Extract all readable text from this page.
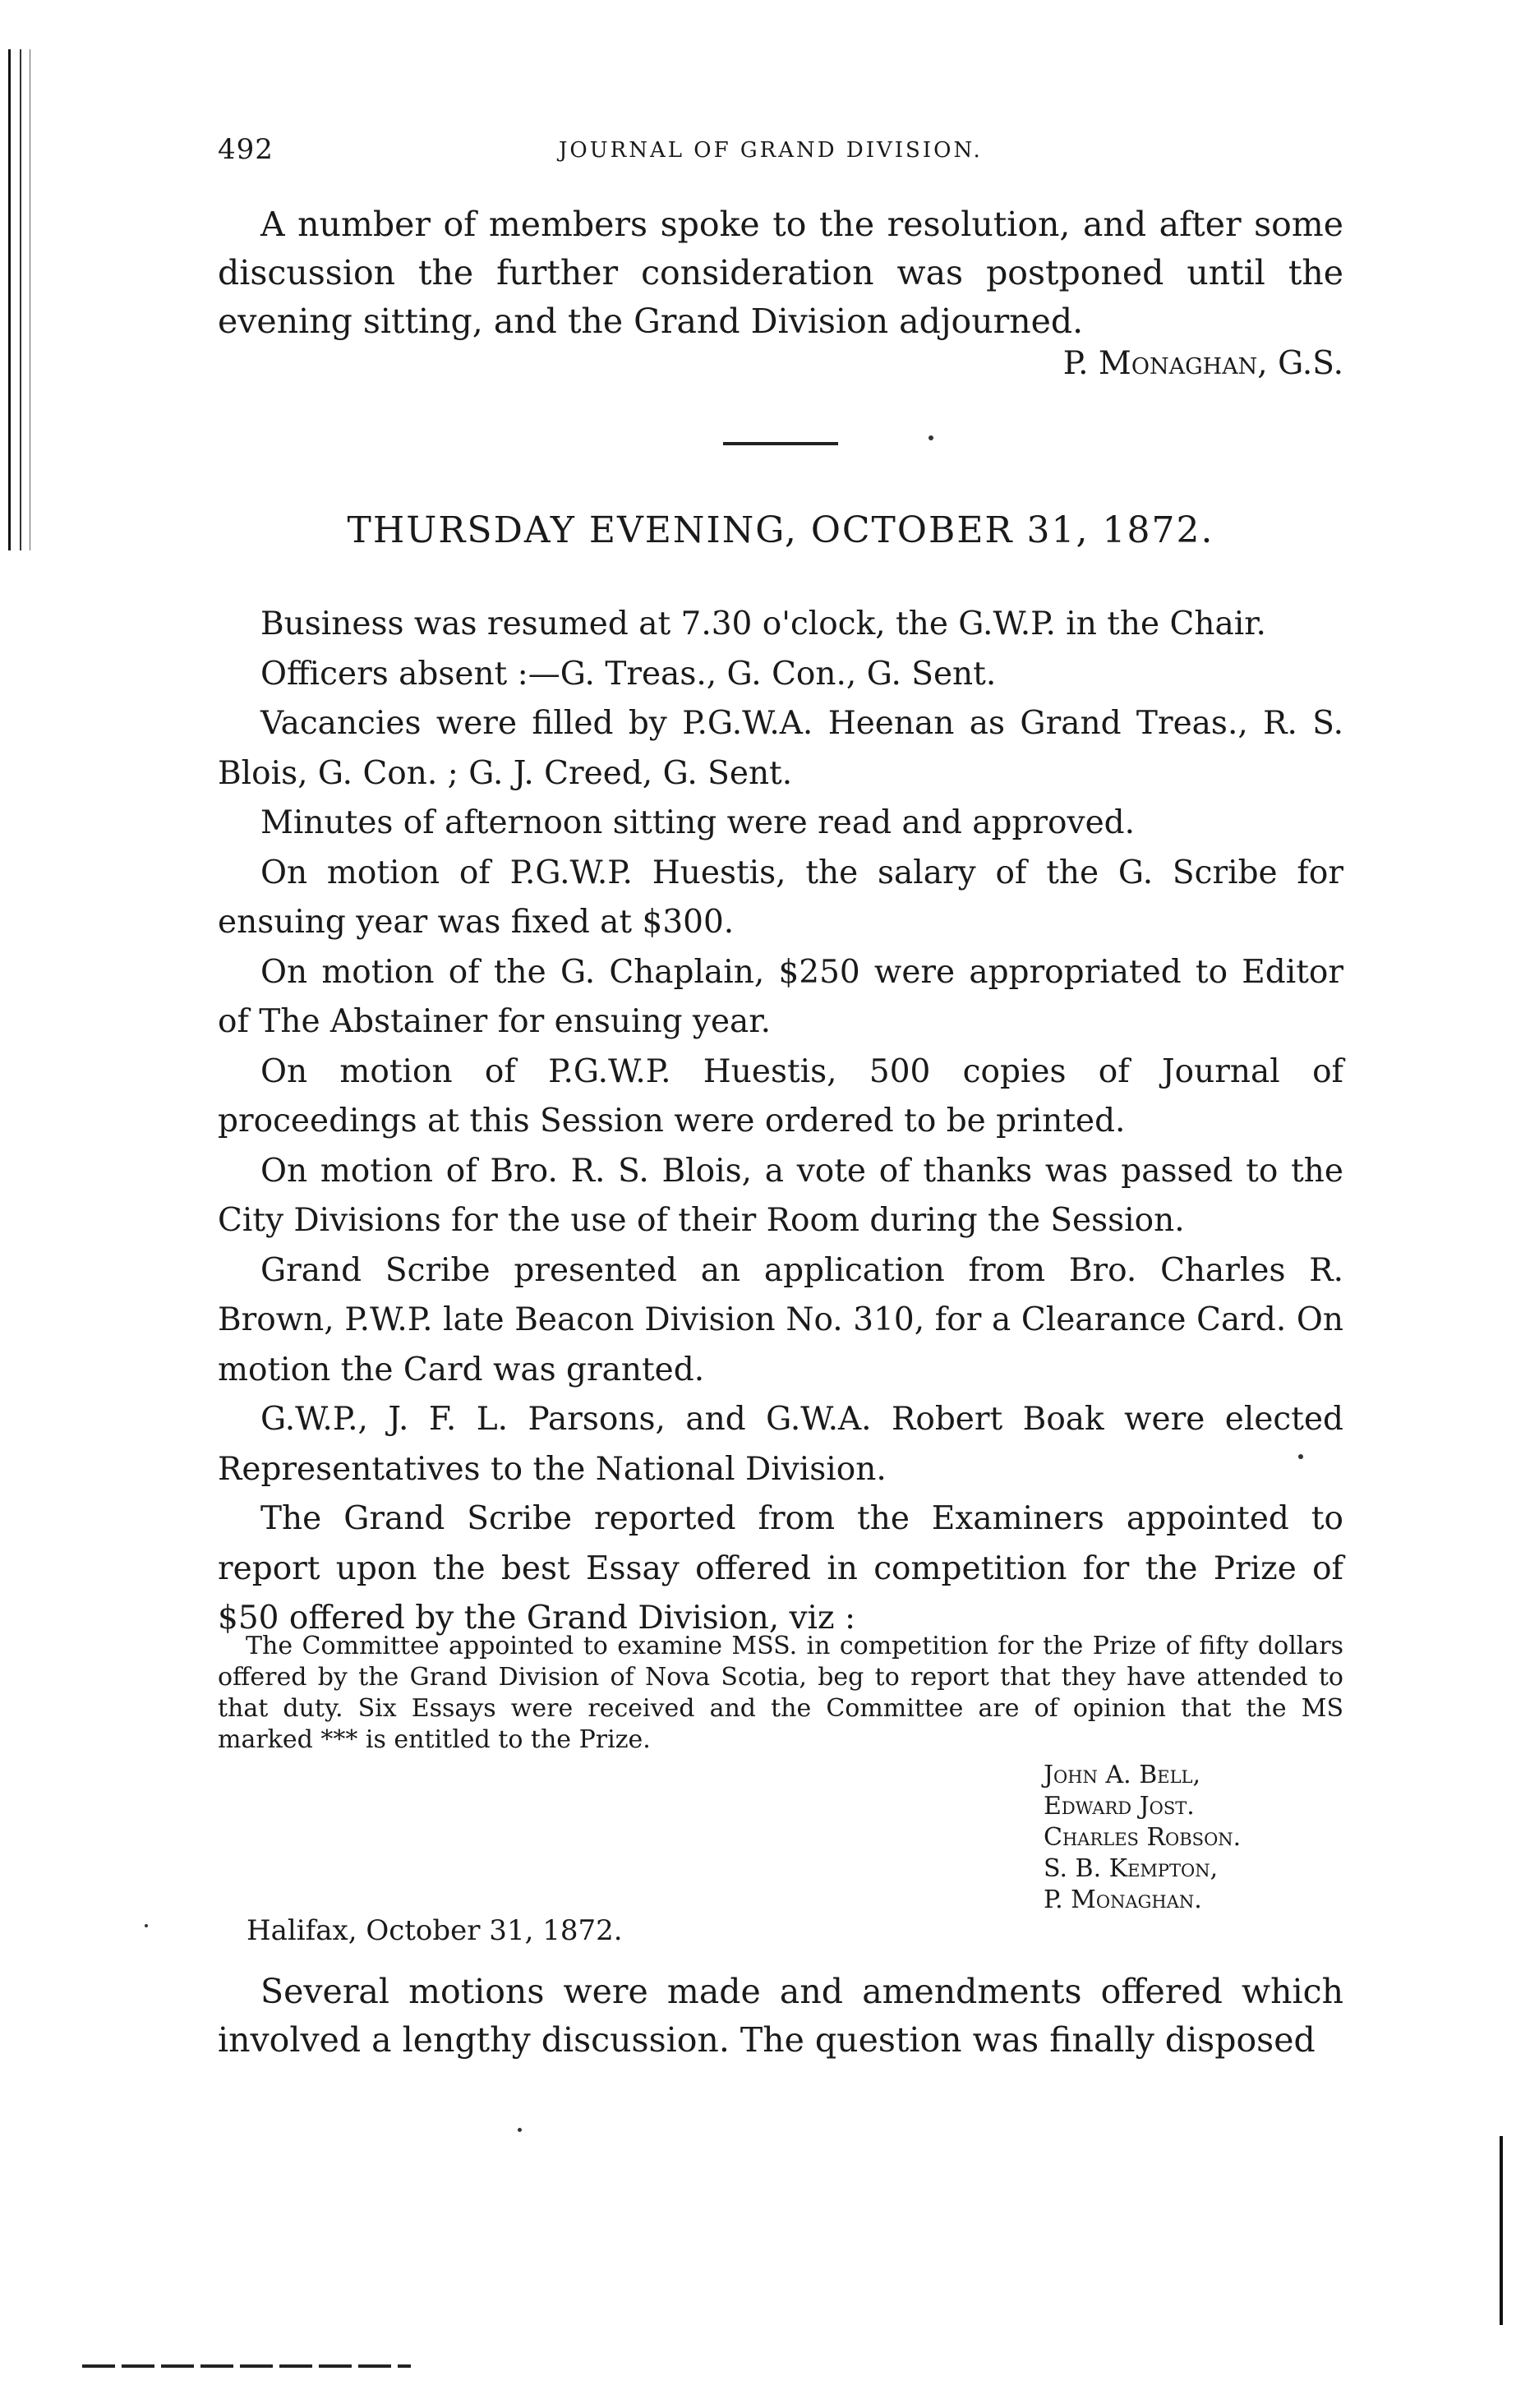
492	JOURNAL OF GRAND DIVISION.

A number of members spoke to the resolution, and after some discussion the further consideration was postponed until the evening sitting, and the Grand Division adjourned.

P. Monaghan, G.S.
THURSDAY EVENING, OCTOBER 31, 1872.

Business was resumed at 7.30 o'clock, the G.W.P. in the Chair.

Officers absent :—G. Treas., G. Con., G. Sent.

Vacancies were filled by P.G.W.A. Heenan as Grand Treas., R. S. Blois, G. Con. ; G. J. Creed, G. Sent.

Minutes of afternoon sitting were read and approved.

On motion of P.G.W.P. Huestis, the salary of the G. Scribe for ensuing year was fixed at $300.

On motion of the G. Chaplain, $250 were appropriated to Editor of The Abstainer for ensuing year.

On motion of P.G.W.P. Huestis, 500 copies of Journal of proceedings at this Session were ordered to be printed.

On motion of Bro. R. S. Blois, a vote of thanks was passed to the City Divisions for the use of their Room during the Session.

Grand Scribe presented an application from Bro. Charles R. Brown, P.W.P. late Beacon Division No. 310, for a Clearance Card. On motion the Card was granted.

G.W.P., J. F. L. Parsons, and G.W.A. Robert Boak were elected Representatives to the National Division.

The Grand Scribe reported from the Examiners appointed to report upon the best Essay offered in competition for the Prize of $50 offered by the Grand Division, viz :

The Committee appointed to examine MSS. in competition for the Prize of fifty dollars offered by the Grand Division of Nova Scotia, beg to report that they have attended to that duty. Six Essays were received and the Committee are of opinion that the MS marked *** is entitled to the Prize.

John A. Bell,
Edward Jost.
Charles Robson.
S. B. Kempton,
P. Monaghan.
Halifax, October 31, 1872.

Several motions were made and amendments offered which involved a lengthy discussion. The question was finally disposed
